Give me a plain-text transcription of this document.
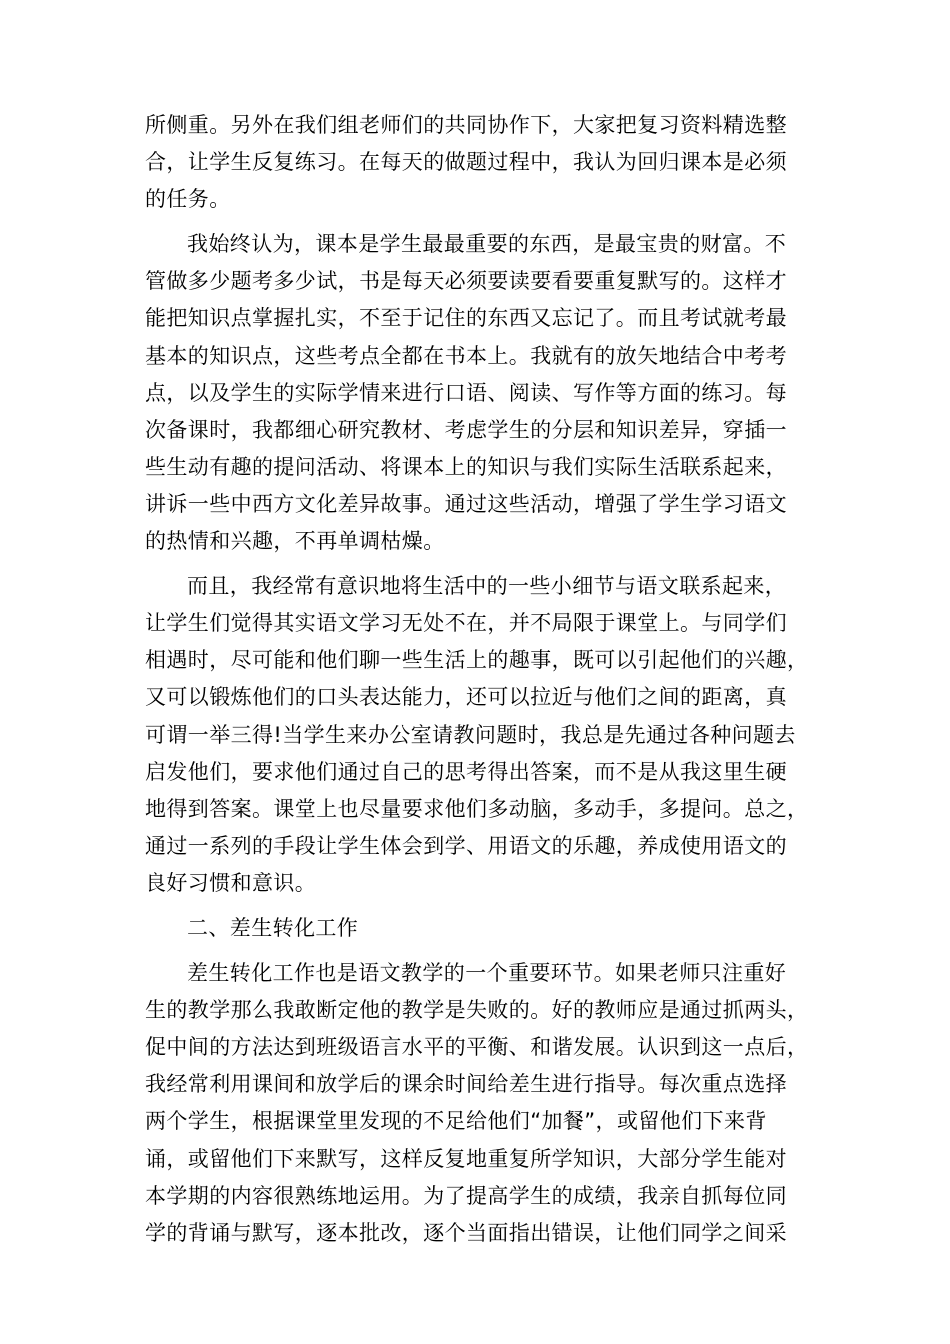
所侧重。另外在我们组老师们的共同协作下，大家把复习资料精选整
合，让学生反复练习。在每天的做题过程中，我认为回归课本是必须
的任务。
我始终认为，课本是学生最最重要的东西，是最宝贵的财富。不
管做多少题考多少试，书是每天必须要读要看要重复默写的。这样才
能把知识点掌握扎实，不至于记住的东西又忘记了。而且考试就考最
基本的知识点，这些考点全都在书本上。我就有的放矢地结合中考考
点，以及学生的实际学情来进行口语、阅读、写作等方面的练习。每
次备课时，我都细心研究教材、考虑学生的分层和知识差异，穿插一
些生动有趣的提问活动、将课本上的知识与我们实际生活联系起来，
讲诉一些中西方文化差异故事。通过这些活动，增强了学生学习语文
的热情和兴趣，不再单调枯燥。
而且，我经常有意识地将生活中的一些小细节与语文联系起来，
让学生们觉得其实语文学习无处不在，并不局限于课堂上。与同学们
相遇时，尽可能和他们聊一些生活上的趣事，既可以引起他们的兴趣，
又可以锻炼他们的口头表达能力，还可以拉近与他们之间的距离，真
可谓一举三得!当学生来办公室请教问题时，我总是先通过各种问题去
启发他们，要求他们通过自己的思考得出答案，而不是从我这里生硬
地得到答案。课堂上也尽量要求他们多动脑，多动手，多提问。总之，
通过一系列的手段让学生体会到学、用语文的乐趣，养成使用语文的
良好习惯和意识。
二、差生转化工作
差生转化工作也是语文教学的一个重要环节。如果老师只注重好
生的教学那么我敢断定他的教学是失败的。好的教师应是通过抓两头，
促中间的方法达到班级语言水平的平衡、和谐发展。认识到这一点后，
我经常利用课间和放学后的课余时间给差生进行指导。每次重点选择
两个学生，根据课堂里发现的不足给他们“加餐”，或留他们下来背
诵，或留他们下来默写，这样反复地重复所学知识，大部分学生能对
本学期的内容很熟练地运用。为了提高学生的成绩，我亲自抓每位同
学的背诵与默写，逐本批改，逐个当面指出错误，让他们同学之间采
